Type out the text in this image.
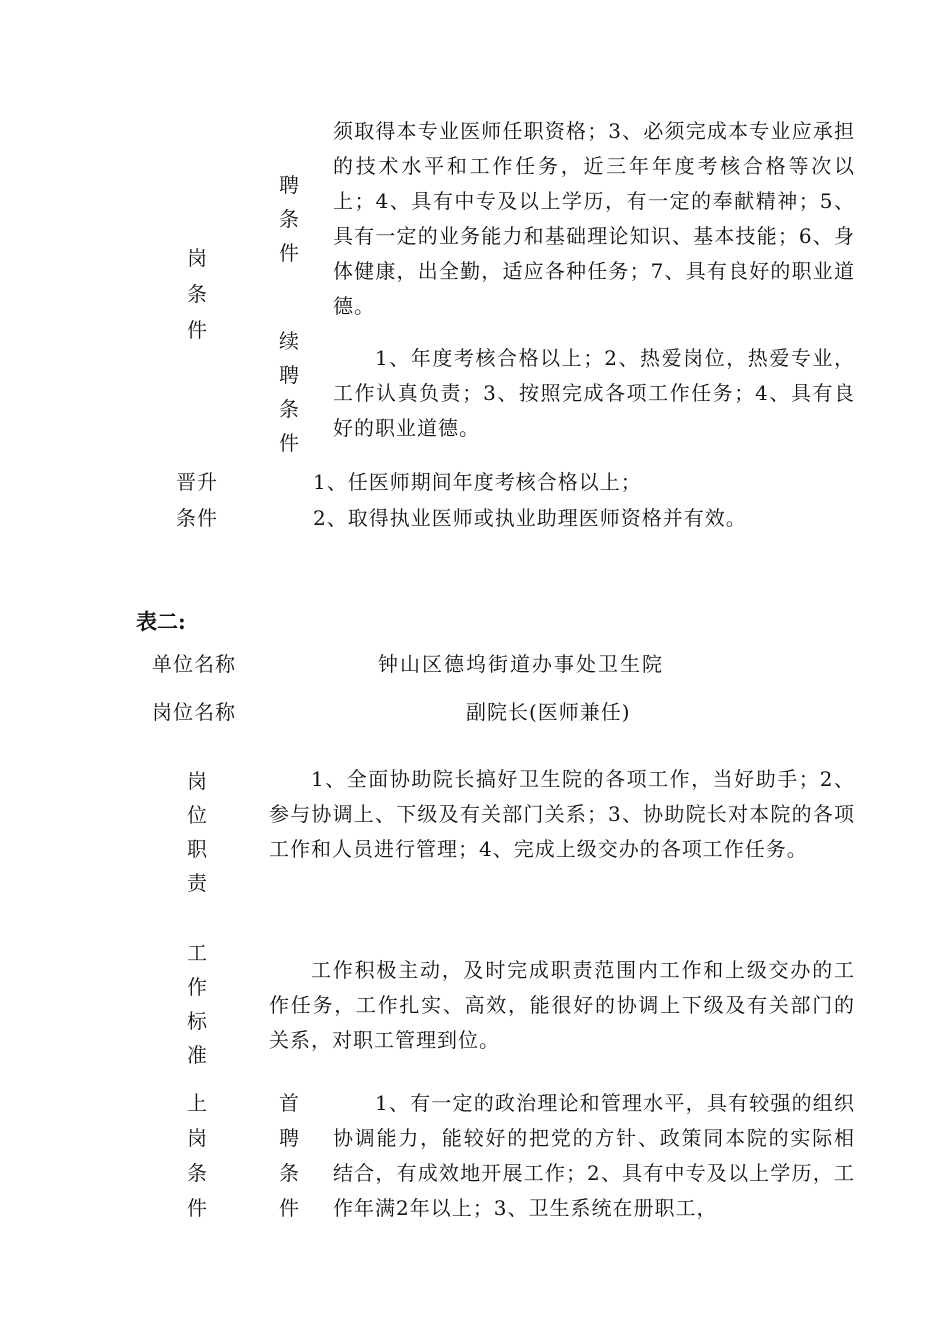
岗
条
件
聘
条
件
须取得本专业医师任职资格；3、必须完成本专业应承担的技术水平和工作任务，近三年年度考核合格等次以上；4、具有中专及以上学历，有一定的奉献精神；5、具有一定的业务能力和基础理论知识、基本技能；6、身体健康，出全勤，适应各种任务；7、具有良好的职业道德。
续
聘
条
件
1、年度考核合格以上；2、热爱岗位，热爱专业，工作认真负责；3、按照完成各项工作任务；4、具有良好的职业道德。
晋升
条件
1、任医师期间年度考核合格以上；
2、取得执业医师或执业助理医师资格并有效。
表二:
单位名称	钟山区德坞街道办事处卫生院
岗位名称	副院长(医师兼任)
岗
位
职
责
1、全面协助院长搞好卫生院的各项工作，当好助手；2、参与协调上、下级及有关部门关系；3、协助院长对本院的各项工作和人员进行管理；4、完成上级交办的各项工作任务。
工
作
标
准
工作积极主动，及时完成职责范围内工作和上级交办的工作任务，工作扎实、高效，能很好的协调上下级及有关部门的关系，对职工管理到位。
上
岗
条
件
首
聘
条
件
1、有一定的政治理论和管理水平，具有较强的组织协调能力，能较好的把党的方针、政策同本院的实际相结合，有成效地开展工作；2、具有中专及以上学历，工作年满2年以上；3、卫生系统在册职工，
